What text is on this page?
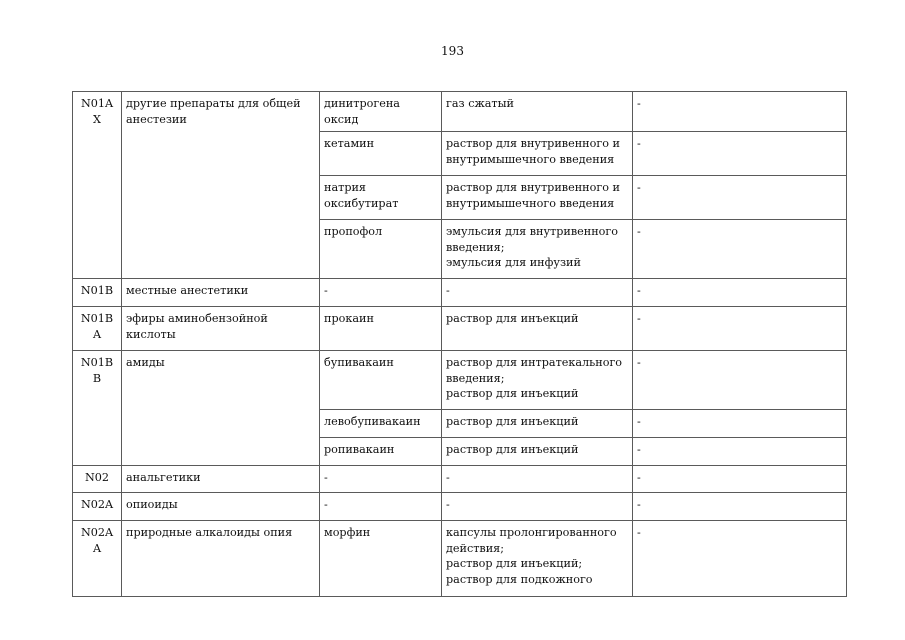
193
N01A
X	другие препараты для общей анестезии	динитрогена оксид	газ сжатый	-
		кетамин	раствор для внутривенного и внутримышечного введения	-
		натрия оксибутират	раствор для внутривенного и внутримышечного введения	-
		пропофол	эмульсия для внутривенного введения;
эмульсия для инфузий	-
N01B	местные анестетики	-	-	-
N01B
A	эфиры аминобензойной кислоты	прокаин	раствор для инъекций	-
N01B
B	амиды	бупивакаин	раствор для интратекального введения;
раствор для инъекций	-
		левобупивакаин	раствор для инъекций	-
		ропивакаин	раствор для инъекций	-
N02	анальгетики	-	-	-
N02A	опиоиды	-	-	-
N02A
A	природные алкалоиды опия	морфин	капсулы пролонгированного действия;
раствор для инъекций;
раствор для подкожного	-
